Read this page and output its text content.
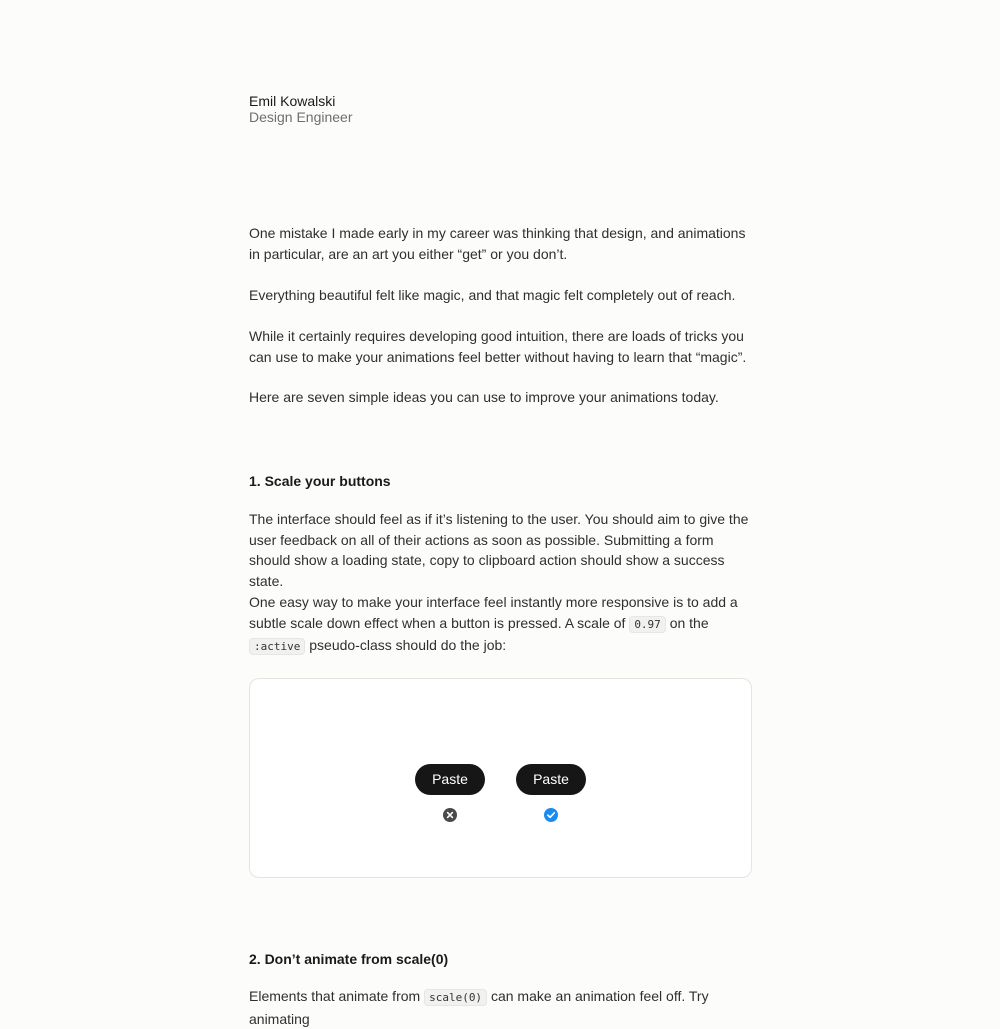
Emil Kowalski
Design Engineer

One mistake I made early in my career was thinking that design, and animations in particular, are an art you either “get” or you don’t.

Everything beautiful felt like magic, and that magic felt completely out of reach.

While it certainly requires developing good intuition, there are loads of tricks you can use to make your animations feel better without having to learn that “magic”.

Here are seven simple ideas you can use to improve your animations today.

1. Scale your buttons

The interface should feel as if it’s listening to the user. You should aim to give the user feedback on all of their actions as soon as possible. Submitting a form should show a loading state, copy to clipboard action should show a success state.

One easy way to make your interface feel instantly more responsive is to add a subtle scale down effect when a button is pressed. A scale of 0.97 on the :active pseudo-class should do the job:

Paste	Paste
2. Don’t animate from scale(0)

Elements that animate from scale(0) can make an animation feel off. Try animating
